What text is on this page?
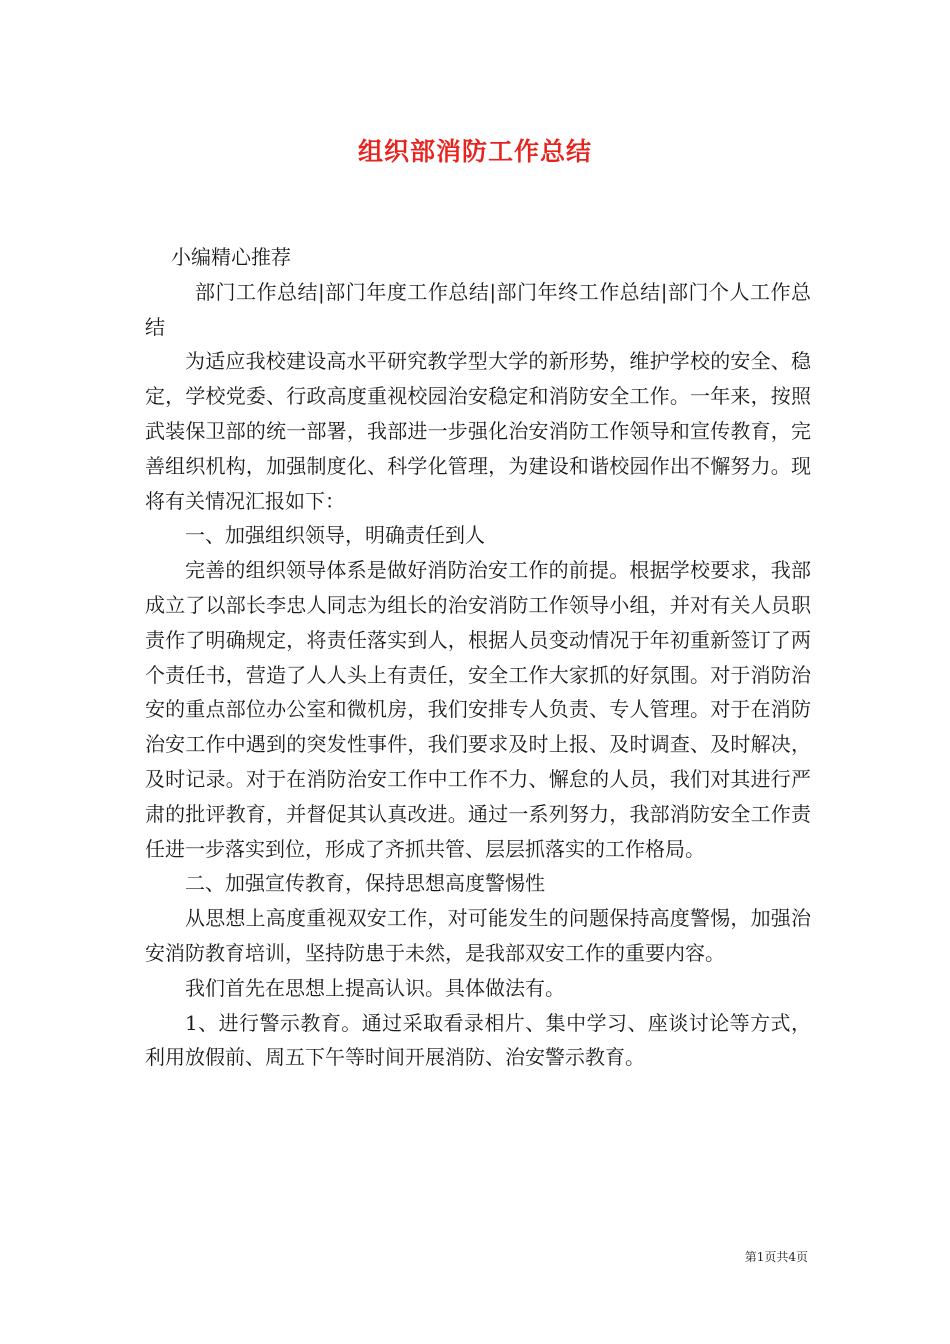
组织部消防工作总结

小编精心推荐

部门工作总结|部门年度工作总结|部门年终工作总结|部门个人工作总结

为适应我校建设高水平研究教学型大学的新形势，维护学校的安全、稳定，学校党委、行政高度重视校园治安稳定和消防安全工作。一年来，按照武装保卫部的统一部署，我部进一步强化治安消防工作领导和宣传教育，完善组织机构，加强制度化、科学化管理，为建设和谐校园作出不懈努力。现将有关情况汇报如下：

一、加强组织领导，明确责任到人

完善的组织领导体系是做好消防治安工作的前提。根据学校要求，我部成立了以部长李忠人同志为组长的治安消防工作领导小组，并对有关人员职责作了明确规定，将责任落实到人，根据人员变动情况于年初重新签订了两个责任书，营造了人人头上有责任，安全工作大家抓的好氛围。对于消防治安的重点部位办公室和微机房，我们安排专人负责、专人管理。对于在消防治安工作中遇到的突发性事件，我们要求及时上报、及时调查、及时解决，及时记录。对于在消防治安工作中工作不力、懈怠的人员，我们对其进行严肃的批评教育，并督促其认真改进。通过一系列努力，我部消防安全工作责任进一步落实到位，形成了齐抓共管、层层抓落实的工作格局。

二、加强宣传教育，保持思想高度警惕性

从思想上高度重视双安工作，对可能发生的问题保持高度警惕，加强治安消防教育培训，坚持防患于未然，是我部双安工作的重要内容。

我们首先在思想上提高认识。具体做法有。

1、进行警示教育。通过采取看录相片、集中学习、座谈讨论等方式，利用放假前、周五下午等时间开展消防、治安警示教育。

第1页共4页
